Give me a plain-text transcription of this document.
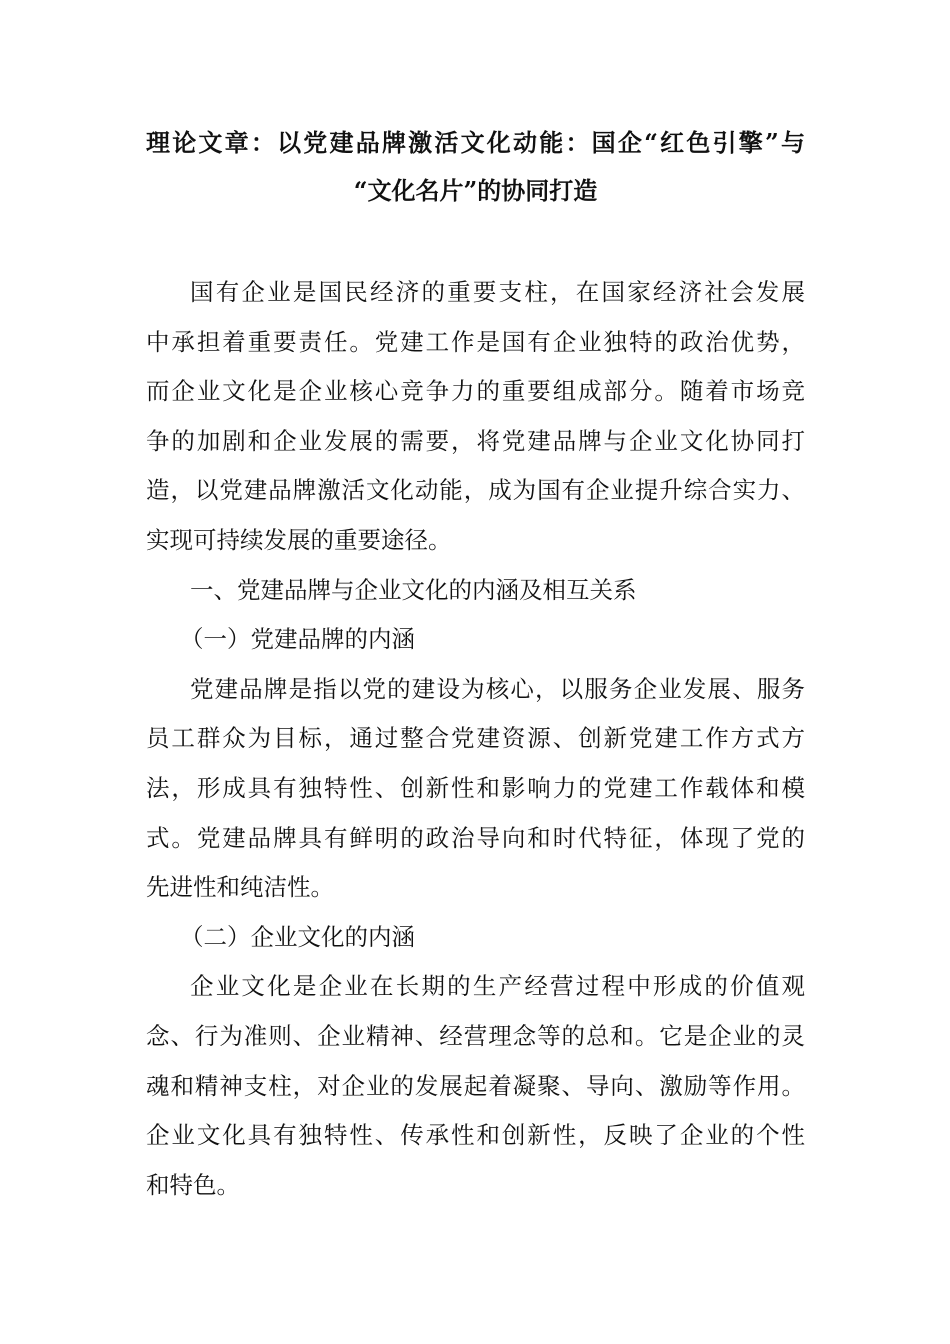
理论文章：以党建品牌激活文化动能：国企“红色引擎”与
“文化名片”的协同打造
国有企业是国民经济的重要支柱，在国家经济社会发展
中承担着重要责任。党建工作是国有企业独特的政治优势，
而企业文化是企业核心竞争力的重要组成部分。随着市场竞
争的加剧和企业发展的需要，将党建品牌与企业文化协同打
造，以党建品牌激活文化动能，成为国有企业提升综合实力、
实现可持续发展的重要途径。
一、党建品牌与企业文化的内涵及相互关系
（一）党建品牌的内涵
党建品牌是指以党的建设为核心，以服务企业发展、服务
员工群众为目标，通过整合党建资源、创新党建工作方式方
法，形成具有独特性、创新性和影响力的党建工作载体和模
式。党建品牌具有鲜明的政治导向和时代特征，体现了党的
先进性和纯洁性。
（二）企业文化的内涵
企业文化是企业在长期的生产经营过程中形成的价值观
念、行为准则、企业精神、经营理念等的总和。它是企业的灵
魂和精神支柱，对企业的发展起着凝聚、导向、激励等作用。
企业文化具有独特性、传承性和创新性，反映了企业的个性
和特色。
